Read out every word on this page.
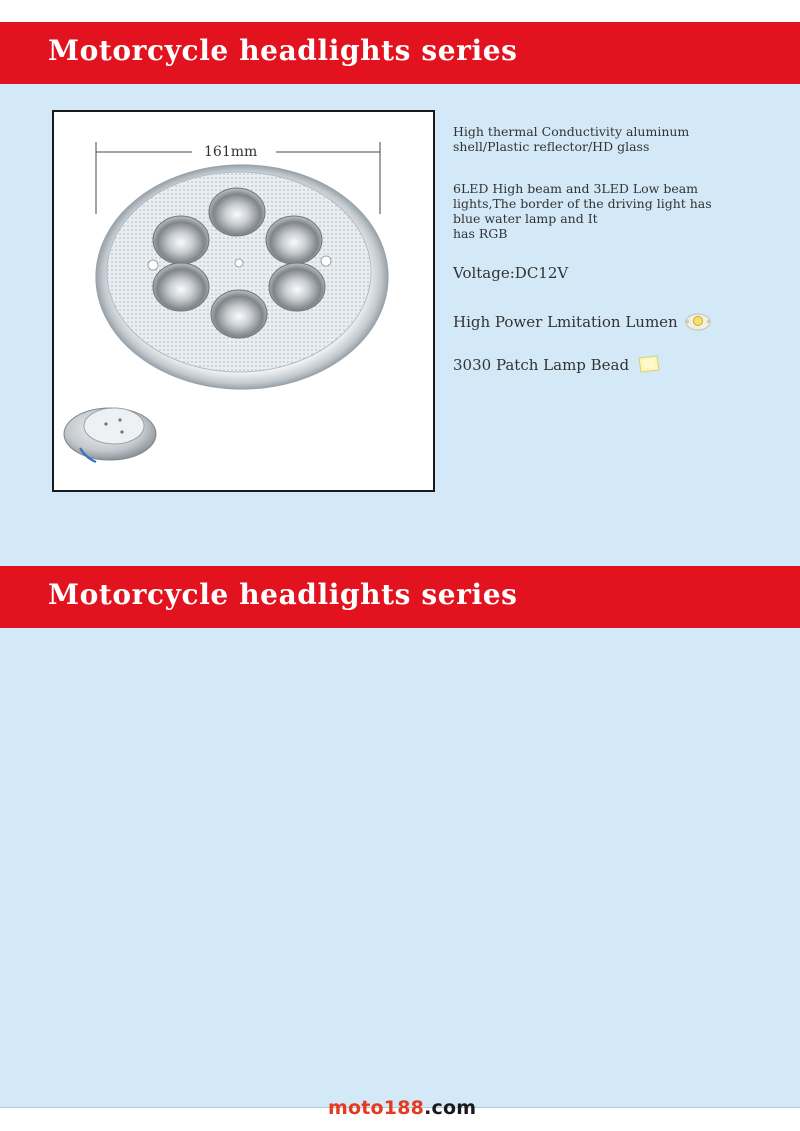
Motorcycle headlights series
161mm
High thermal Conductivity aluminum
shell/Plastic reflector/HD glass
6LED High beam and 3LED Low beam
lights,The border of the driving light has
blue water lamp and It
has RGB
Voltage:DC12V
High Power Lmitation Lumen
3030 Patch Lamp Bead
Motorcycle headlights series
moto188.com
